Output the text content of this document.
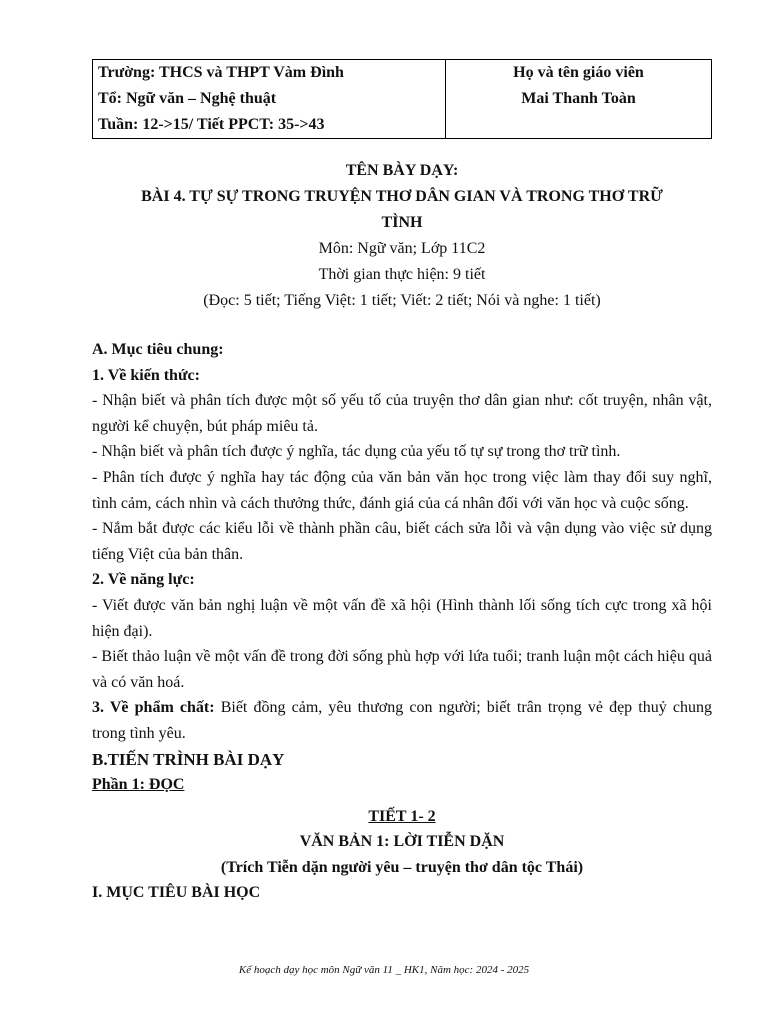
Trường: THCS và THPT Vàm Đình
Tổ: Ngữ văn – Nghệ thuật
Tuần: 12->15/ Tiết PPCT: 35->43

Họ và tên giáo viên
Mai Thanh Toàn
TÊN BÀY DẠY:
BÀI 4. TỰ SỰ TRONG TRUYỆN THƠ DÂN GIAN VÀ TRONG THƠ TRỮ
TÌNH
Môn: Ngữ văn; Lớp 11C2
Thời gian thực hiện: 9 tiết
(Đọc: 5 tiết; Tiếng Việt: 1 tiết; Viết: 2 tiết; Nói và nghe: 1 tiết)

A. Mục tiêu chung:

1. Về kiến thức:

- Nhận biết và phân tích được một số yếu tố của truyện thơ dân gian như: cốt truyện, nhân vật, người kể chuyện, bút pháp miêu tả.

- Nhận biết và phân tích được ý nghĩa, tác dụng của yếu tố tự sự trong thơ trữ tình.

- Phân tích được ý nghĩa hay tác động của văn bản văn học trong việc làm thay đổi suy nghĩ, tình cảm, cách nhìn và cách thưởng thức, đánh giá của cá nhân đối với văn học và cuộc sống.

- Nắm bắt được các kiểu lỗi về thành phần câu, biết cách sửa lỗi và vận dụng vào việc sử dụng tiếng Việt của bản thân.

2. Về năng lực:

- Viết được văn bản nghị luận về một vấn đề xã hội (Hình thành lối sống tích cực trong xã hội hiện đại).

- Biết thảo luận về một vấn đề trong đời sống phù hợp với lứa tuổi; tranh luận một cách hiệu quả và có văn hoá.

3. Về phẩm chất: Biết đồng cảm, yêu thương con người; biết trân trọng vẻ đẹp thuỷ chung trong tình yêu.

B.TIẾN TRÌNH BÀI DẠY

Phần 1: ĐỌC

TIẾT 1- 2

VĂN BẢN 1: LỜI TIỄN DẶN

(Trích Tiễn dặn người yêu – truyện thơ dân tộc Thái)

I. MỤC TIÊU BÀI HỌC

Kế hoạch dạy học môn Ngữ văn 11 _ HK1, Năm học: 2024 - 2025
